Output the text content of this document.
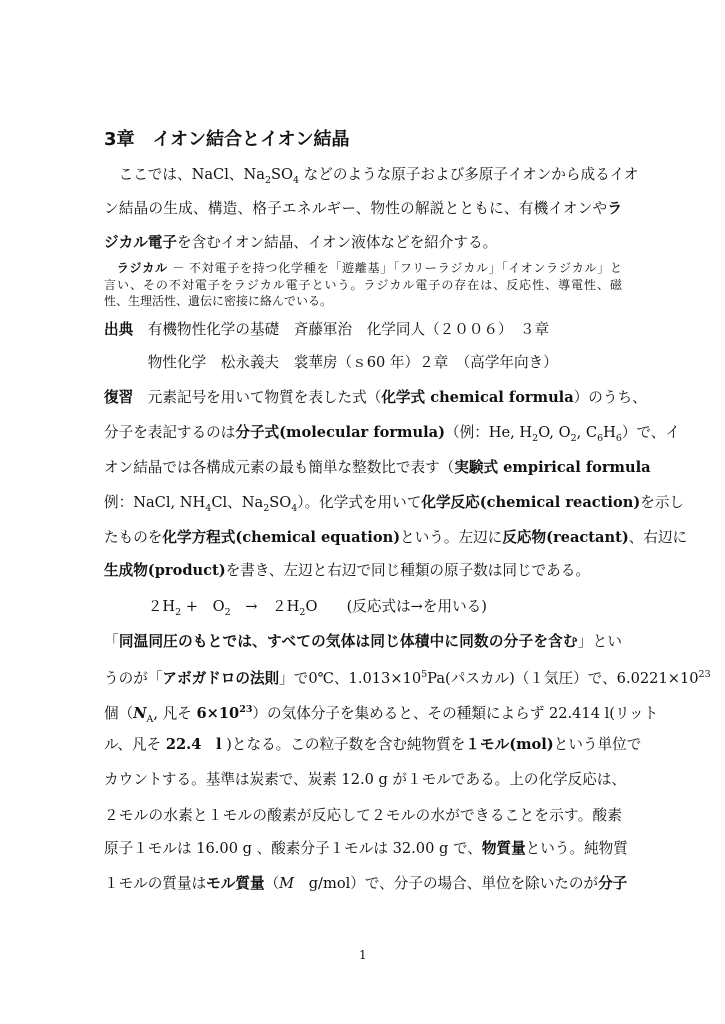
3章　イオン結合とイオン結晶
　ここでは、NaCl、$Na_2SO_4$ などのような原子および多原子イオンから成るイオ
ン結晶の生成、構造、格子エネルギー、物性の解説とともに、有機イオンやラ
ジカル電子を含むイオン結晶、イオン液体などを紹介する。
　ラジカル － 不対電子を持つ化学種を「遊離基」「フリーラジカル」「イオンラジカル」と
言い、その不対電子をラジカル電子という。ラジカル電子の存在は、反応性、導電性、磁
性、生理活性、遺伝に密接に絡んでいる。
出典　有機物性化学の基礎　斉藤軍治　化学同人（２００６）　３章
　　　物性化学　松永義夫　裳華房（ｓ60 年）２章　（高学年向き）
復習　元素記号を用いて物質を表した式（化学式 chemical formula）のうち、
分子を表記するのは分子式(molecular formula)（例：He, $H_2O$, $O_2$, $C_6H_6$）で、イ
オン結晶では各構成元素の最も簡単な整数比で表す（実験式 empirical formula
例：NaCl, $NH_4Cl$、$Na_2SO_4$）。化学式を用いて化学反応(chemical reaction)を示し
たものを化学方程式(chemical equation)という。左辺に反応物(reactant)、右辺に
生成物(product)を書き、左辺と右辺で同じ種類の原子数は同じである。
　　　$2H_2$ +　$O_2$　→　$2H_2O$　　(反応式は→を用いる)
「同温同圧のもとでは、すべての気体は同じ体積中に同数の分子を含む」とい
うのが「アボガドロの法則」で0℃、$1.013\times 10^5Pa$(パスカル)（１気圧）で、$6.0221\times 10^{23}$
個（$N_A$, 凡そ $6\times 10^{23}$）の気体分子を集めると、その種類によらず 22.414 l(リット
ル、凡そ 22.4　l )となる。この粒子数を含む純物質を１モル(mol)という単位で
カウントする。基準は炭素で、炭素 12.0 g が１モルである。上の化学反応は、
２モルの水素と１モルの酸素が反応して２モルの水ができることを示す。酸素
原子１モルは 16.00 g 、酸素分子１モルは 32.00 g で、物質量という。純物質
１モルの質量はモル質量（M　g/mol）で、分子の場合、単位を除いたのが分子
1
